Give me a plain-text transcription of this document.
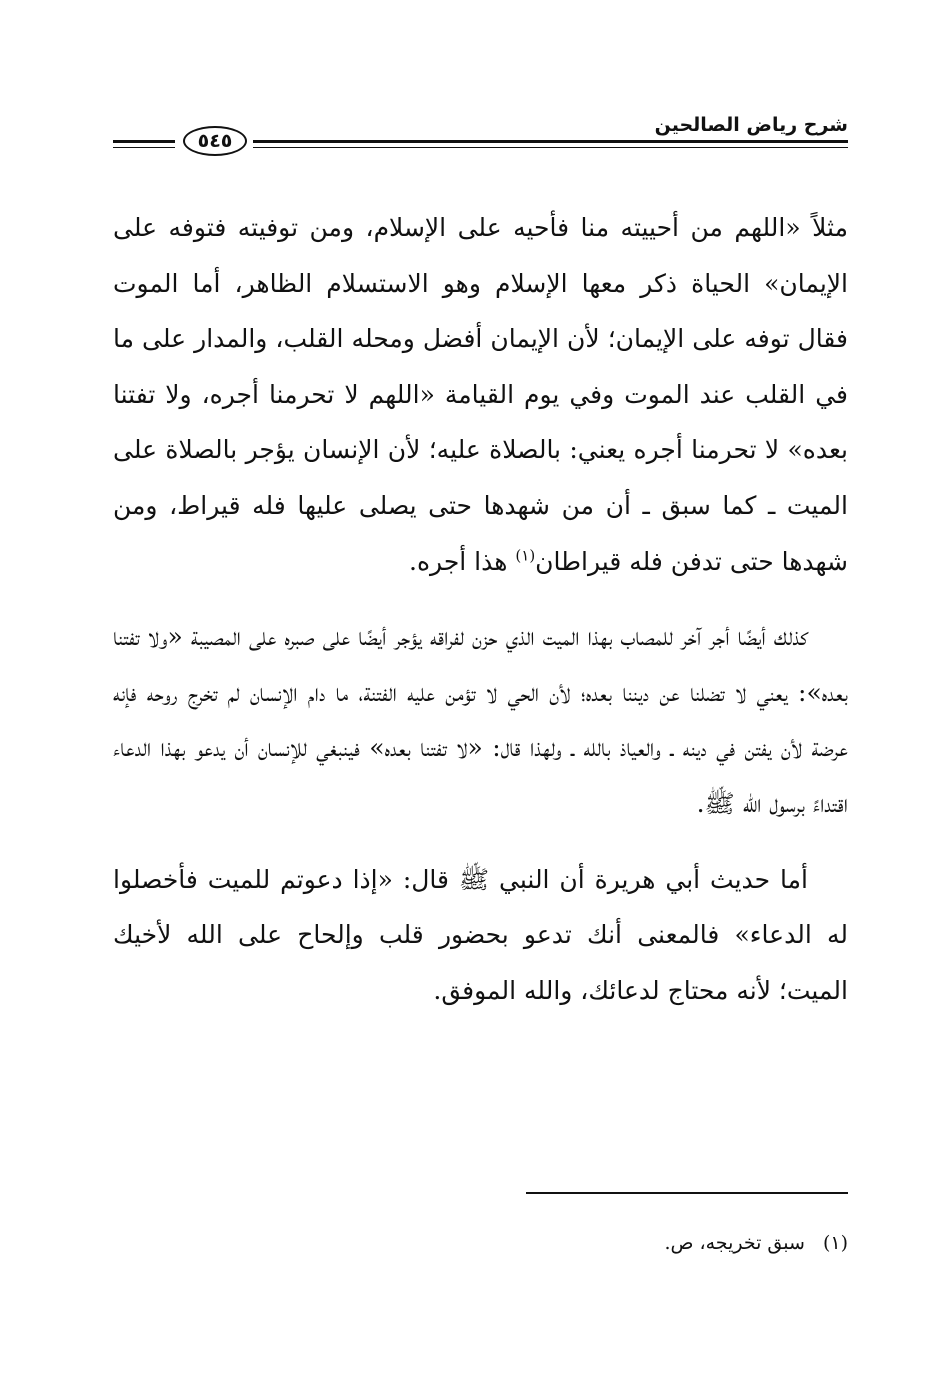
٥٤٥
شرح رياض الصالحين

مثلاً «اللهم من أحييته منا فأحيه على الإسلام، ومن توفيته فتوفه على الإيمان» الحياة ذكر معها الإسلام وهو الاستسلام الظاهر، أما الموت فقال توفه على الإيمان؛ لأن الإيمان أفضل ومحله القلب، والمدار على ما في القلب عند الموت وفي يوم القيامة «اللهم لا تحرمنا أجره، ولا تفتنا بعده» لا تحرمنا أجره يعني: بالصلاة عليه؛ لأن الإنسان يؤجر بالصلاة على الميت ـ كما سبق ـ أن من شهدها حتى يصلى عليها فله قيراط، ومن شهدها حتى تدفن فله قيراطان$^{(١)}$ هذا أجره.

كذلك أيضًا أجر آخر للمصاب بهذا الميت الذي حزن لفراقه يؤجر أيضًا على صبره على المصيبة «ولا تفتنا بعده»: يعني لا تضلنا عن ديننا بعده؛ لأن الحي لا تؤمن عليه الفتنة، ما دام الإنسان لم تخرج روحه فإنه عرضة لأن يفتن في دينه ـ والعياذ بالله ـ ولهذا قال: «لا تفتنا بعده» فينبغي للإنسان أن يدعو بهذا الدعاء اقتداءً برسول الله ﷺ.

أما حديث أبي هريرة أن النبي ﷺ قال: «إذا دعوتم للميت فأخصلوا له الدعاء» فالمعنى أنك تدعو بحضور قلب وإلحاح على الله لأخيك الميت؛ لأنه محتاج لدعائك، والله الموفق.

(١)سبق تخريجه، ص.
